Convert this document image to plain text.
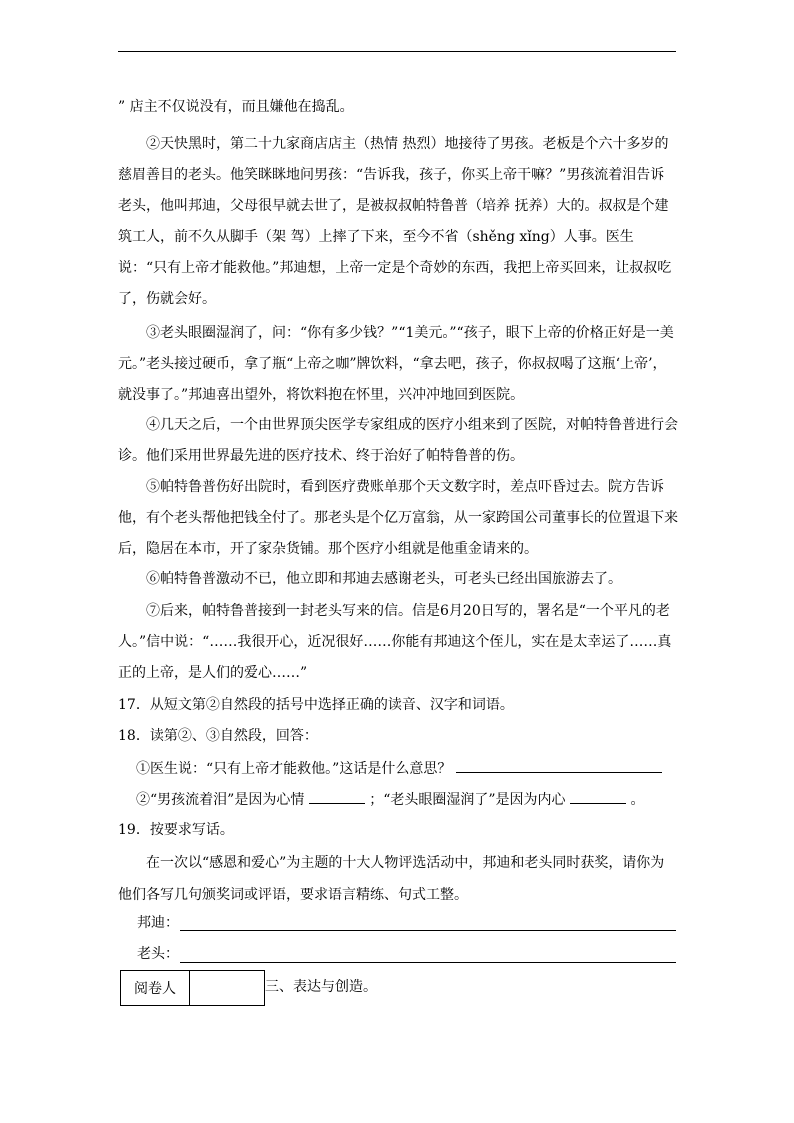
” 店主不仅说没有，而且嫌他在捣乱。

②天快黑时，第二十九家商店店主（热情 热烈）地接待了男孩。老板是个六十多岁的慈眉善目的老头。他笑眯眯地问男孩：“告诉我，孩子，你买上帝干嘛？”男孩流着泪告诉老头，他叫邦迪，父母很早就去世了，是被叔叔帕特鲁普（培养 抚养）大的。叔叔是个建筑工人，前不久从脚手（架 驾）上摔了下来，至今不省（shěng xǐng）人事。医生说：“只有上帝才能救他。”邦迪想，上帝一定是个奇妙的东西，我把上帝买回来，让叔叔吃了，伤就会好。

③老头眼圈湿润了，问：“你有多少钱？”“1美元。”“孩子，眼下上帝的价格正好是一美元。”老头接过硬币，拿了瓶“上帝之咖”牌饮料，“拿去吧，孩子，你叔叔喝了这瓶‘上帝’，就没事了。”邦迪喜出望外，将饮料抱在怀里，兴冲冲地回到医院。

④几天之后，一个由世界顶尖医学专家组成的医疗小组来到了医院，对帕特鲁普进行会诊。他们采用世界最先进的医疗技术、终于治好了帕特鲁普的伤。

⑤帕特鲁普伤好出院时，看到医疗费账单那个天文数字时，差点吓昏过去。院方告诉他，有个老头帮他把钱全付了。那老头是个亿万富翁，从一家跨国公司董事长的位置退下来后，隐居在本市，开了家杂货铺。那个医疗小组就是他重金请来的。

⑥帕特鲁普激动不已，他立即和邦迪去感谢老头，可老头已经出国旅游去了。

⑦后来，帕特鲁普接到一封老头写来的信。信是6月20日写的，署名是“一个平凡的老人。”信中说：“……我很开心，近况很好……你能有邦迪这个侄儿，实在是太幸运了……真正的上帝，是人们的爱心……”

17．从短文第②自然段的括号中选择正确的读音、汉字和词语。
18．读第②、③自然段，回答：
①医生说：“只有上帝才能救他。”这话是什么意思？
②“男孩流着泪”是因为心情	；“老头眼圈湿润了”是因为内心	。
19．按要求写话。

在一次以“感恩和爱心”为主题的十大人物评选活动中，邦迪和老头同时获奖，请你为他们各写几句颁奖词或评语，要求语言精练、句式工整。

邦迪：
老头：
阅卷人	三、表达与创造。
